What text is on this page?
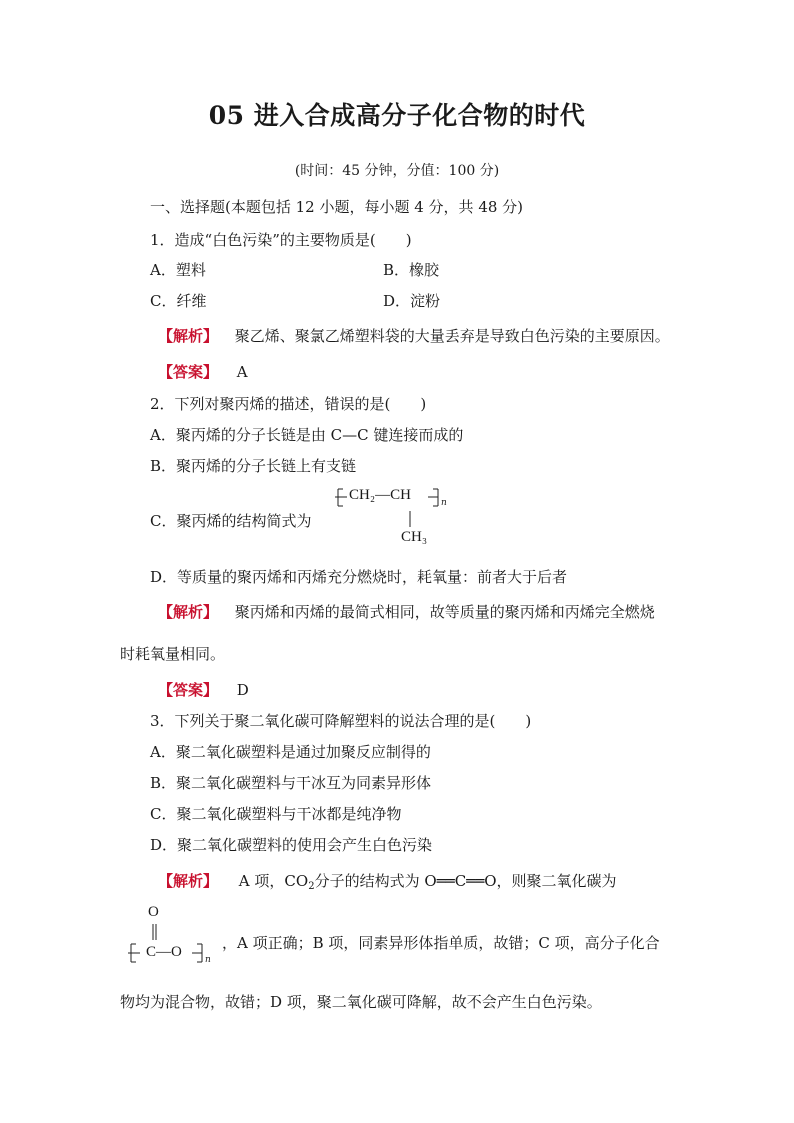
05 进入合成高分子化合物的时代
(时间：45 分钟，分值：100 分)
一、选择题(本题包括 12 小题，每小题 4 分，共 48 分)
1．造成“白色污染”的主要物质是(　　)
A．塑料	B．橡胶
C．纤维	D．淀粉
【解析】 聚乙烯、聚氯乙烯塑料袋的大量丢弃是导致白色污染的主要原因。
【答案】 A
2．下列对聚丙烯的描述，错误的是(　　)
A．聚丙烯的分子长链是由 C—C 键连接而成的
B．聚丙烯的分子长链上有支链
C．聚丙烯的结构简式为
CH₂—CH	n
CH₃
D．等质量的聚丙烯和丙烯充分燃烧时，耗氧量：前者大于后者
【解析】 聚丙烯和丙烯的最简式相同，故等质量的聚丙烯和丙烯完全燃烧
时耗氧量相同。
【答案】 D
3．下列关于聚二氧化碳可降解塑料的说法合理的是(　　)
A．聚二氧化碳塑料是通过加聚反应制得的
B．聚二氧化碳塑料与干冰互为同素异形体
C．聚二氧化碳塑料与干冰都是纯净物
D．聚二氧化碳塑料的使用会产生白色污染
【解析】 A 项，$CO_2$分子的结构式为 O══C══O，则聚二氧化碳为
O
C—O	n
，A 项正确；B 项，同素异形体指单质，故错；C 项，高分子化合
物均为混合物，故错；D 项，聚二氧化碳可降解，故不会产生白色污染。
